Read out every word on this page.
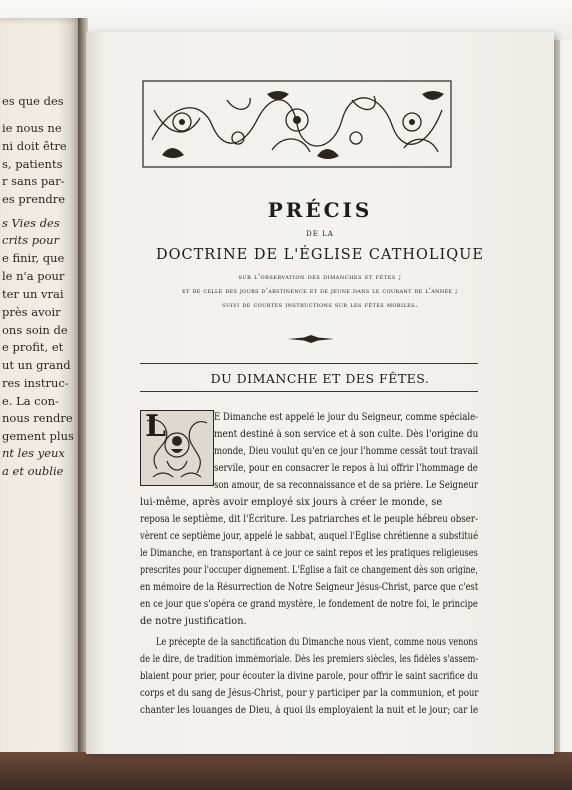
es que des
ie nous ne
ni doit être
s, patients
r sans par-
es prendre
s Vies des
crits pour
e finir, que
le n'a pour
ter un vrai
près avoir
ons soin de
e profit, et
ut un grand
res instruc-
e. La con-
nous rendre
gement plus
nt les yeux
a et oublie
PRÉCIS
DE LA
DOCTRINE DE L'ÉGLISE CATHOLIQUE
sur l'observation des dimanches et fêtes ;
et de celle des jours d'abstinence et de jeune dans le courant de l'année ;
suivi de courtes instructions sur les fêtes mobiles.
DU DIMANCHE ET DES FÊTES.
L	E Dimanche est appelé le jour du Seigneur, comme spéciale-
ment destiné à son service et à son culte. Dès l'origine du
monde, Dieu voulut qu'en ce jour l'homme cessât tout travail
servile, pour en consacrer le repos à lui offrir l'hommage de
son amour, de sa reconnaissance et de sa prière. Le Seigneur
lui-même, après avoir employé six jours à créer le monde, se
reposa le septième, dit l'Écriture. Les patriarches et le peuple hébreu obser-
vèrent ce septième jour, appelé le sabbat, auquel l'Église chrétienne a substitué
le Dimanche, en transportant à ce jour ce saint repos et les pratiques religieuses
prescrites pour l'occuper dignement. L'Église a fait ce changement dès son origine,
en mémoire de la Résurrection de Notre Seigneur Jésus-Christ, parce que c'est
en ce jour que s'opéra ce grand mystère, le fondement de notre foi, le principe
de notre justification.
Le précepte de la sanctification du Dimanche nous vient, comme nous venons
de le dire, de tradition immémoriale. Dès les premiers siècles, les fidèles s'assem-
blaient pour prier, pour écouter la divine parole, pour offrir le saint sacrifice du
corps et du sang de Jésus-Christ, pour y participer par la communion, et pour
chanter les louanges de Dieu, à quoi ils employaient la nuit et le jour; car le
